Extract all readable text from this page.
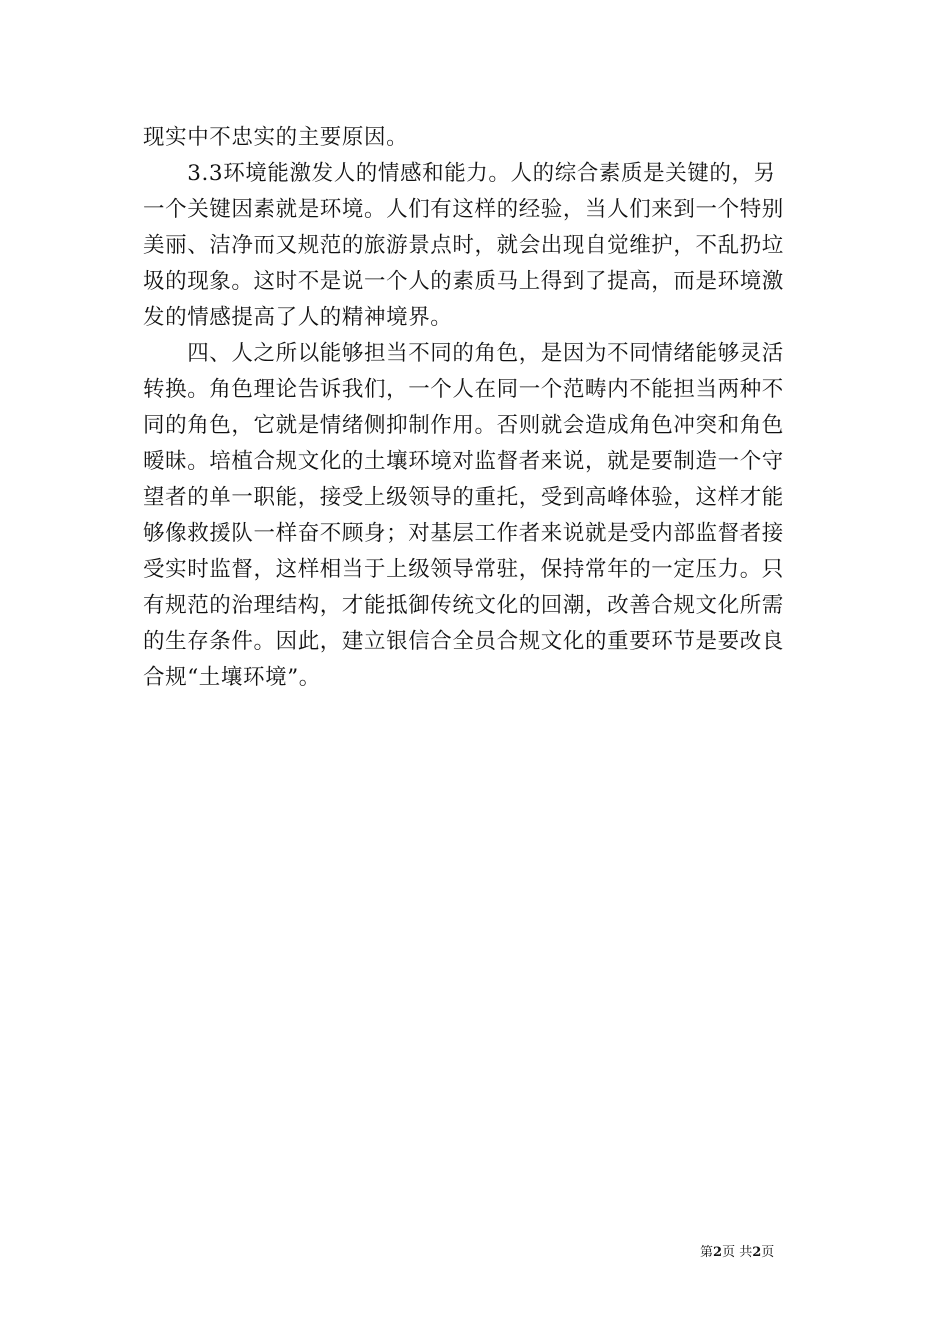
现实中不忠实的主要原因。
　　3.3环境能激发人的情感和能力。人的综合素质是关键的，另
一个关键因素就是环境。人们有这样的经验，当人们来到一个特别
美丽、洁净而又规范的旅游景点时，就会出现自觉维护，不乱扔垃
圾的现象。这时不是说一个人的素质马上得到了提高，而是环境激
发的情感提高了人的精神境界。
　　四、人之所以能够担当不同的角色，是因为不同情绪能够灵活
转换。角色理论告诉我们，一个人在同一个范畴内不能担当两种不
同的角色，它就是情绪侧抑制作用。否则就会造成角色冲突和角色
暧昧。培植合规文化的土壤环境对监督者来说，就是要制造一个守
望者的单一职能，接受上级领导的重托，受到高峰体验，这样才能
够像救援队一样奋不顾身；对基层工作者来说就是受内部监督者接
受实时监督，这样相当于上级领导常驻，保持常年的一定压力。只
有规范的治理结构，才能抵御传统文化的回潮，改善合规文化所需
的生存条件。因此，建立银信合全员合规文化的重要环节是要改良
合规“土壤环境”。
第2页 共2页
